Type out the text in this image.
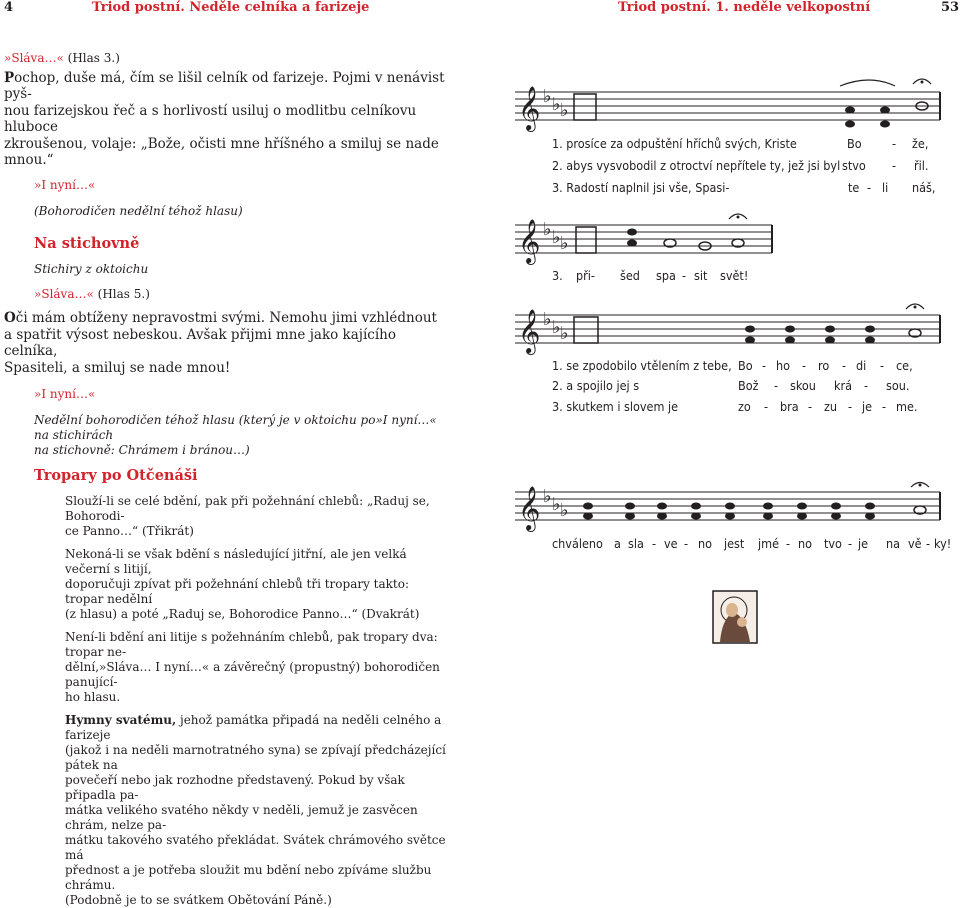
4	Triod postní. Neděle celníka a farizeje	Triod postní. 1. neděle velkopostní	53

»Sláva…« (Hlas 3.)

Pochop, duše má, čím se lišil celník od farizeje. Pojmi v nenávist pyš-

nou farizejskou řeč a s horlivostí usiluj o modlitbu celníkovu hluboce

zkroušenou, volaje: „Bože, očisti mne hříšného a smiluj se nade

mnou.“

»I nyní…«

(Bohorodičen nedělní téhož hlasu)

Na stichovně

Stichiry z oktoichu

»Sláva…« (Hlas 5.)

Oči mám obtíženy nepravostmi svými. Nemohu jimi vzhlédnout

a spatřit výsost nebeskou. Avšak přijmi mne jako kajícího celníka,

Spasiteli, a smiluj se nade mnou!

»I nyní…«

Nedělní bohorodičen téhož hlasu (který je v oktoichu po»I nyní…« na stichirách

na stichovně: Chrámem i bránou…)

Tropary po Otčenáši

Slouží-li se celé bdění, pak při požehnání chlebů: „Raduj se, Bohorodi-

ce Panno…“ (Třikrát)

Nekoná-li se však bdění s následující jitřní, ale jen velká večerní s litijí,

doporučuji zpívat při požehnání chlebů tři tropary takto: tropar nedělní

(z hlasu) a poté „Raduj se, Bohorodice Panno…“ (Dvakrát)

Není-li bdění ani litije s požehnáním chlebů, pak tropary dva: tropar ne-

dělní,»Sláva… I nyní…« a závěrečný (propustný) bohorodičen panující-

ho hlasu.

Hymny svatému, jehož památka připadá na neděli celného a farizeje

(jakož i na neděli marnotratného syna) se zpívají předcházející pátek na

povečeří nebo jak rozhodne představený. Pokud by však připadla pa-

mátka velikého svatého někdy v neděli, jemuž je zasvěcen chrám, nelze pa-

mátku takového svatého překládat. Svátek chrámového světce má

přednost a je potřeba sloužit mu bdění nebo zpíváme službu chrámu.

(Podobně je to se svátkem Obětování Páně.)

𝄞 ♭ ♭ ♭
1. prosíce za odpuštění hříchů svých, Kriste	Bo - že,
2. abys vysvobodil z otroctví nepřítele ty, jež jsi byl stvo - řil.
3. Radostí naplnil jsi vše, Spasi-	te - li náš,
𝄞 ♭ ♭ ♭
3. při- šed spa - sit svět!
𝄞 ♭ ♭ ♭
1. se zpodobilo vtělením z tebe, Bo - ho - ro - di - ce,
2. a spojilo jej s	Bož - skou krá - sou.
3. skutkem i slovem je	zo - bra - zu - je - me.
𝄞 ♭ ♭ ♭
chváleno a sla - ve - no jest jmé - no tvo - je na vě - ky!
